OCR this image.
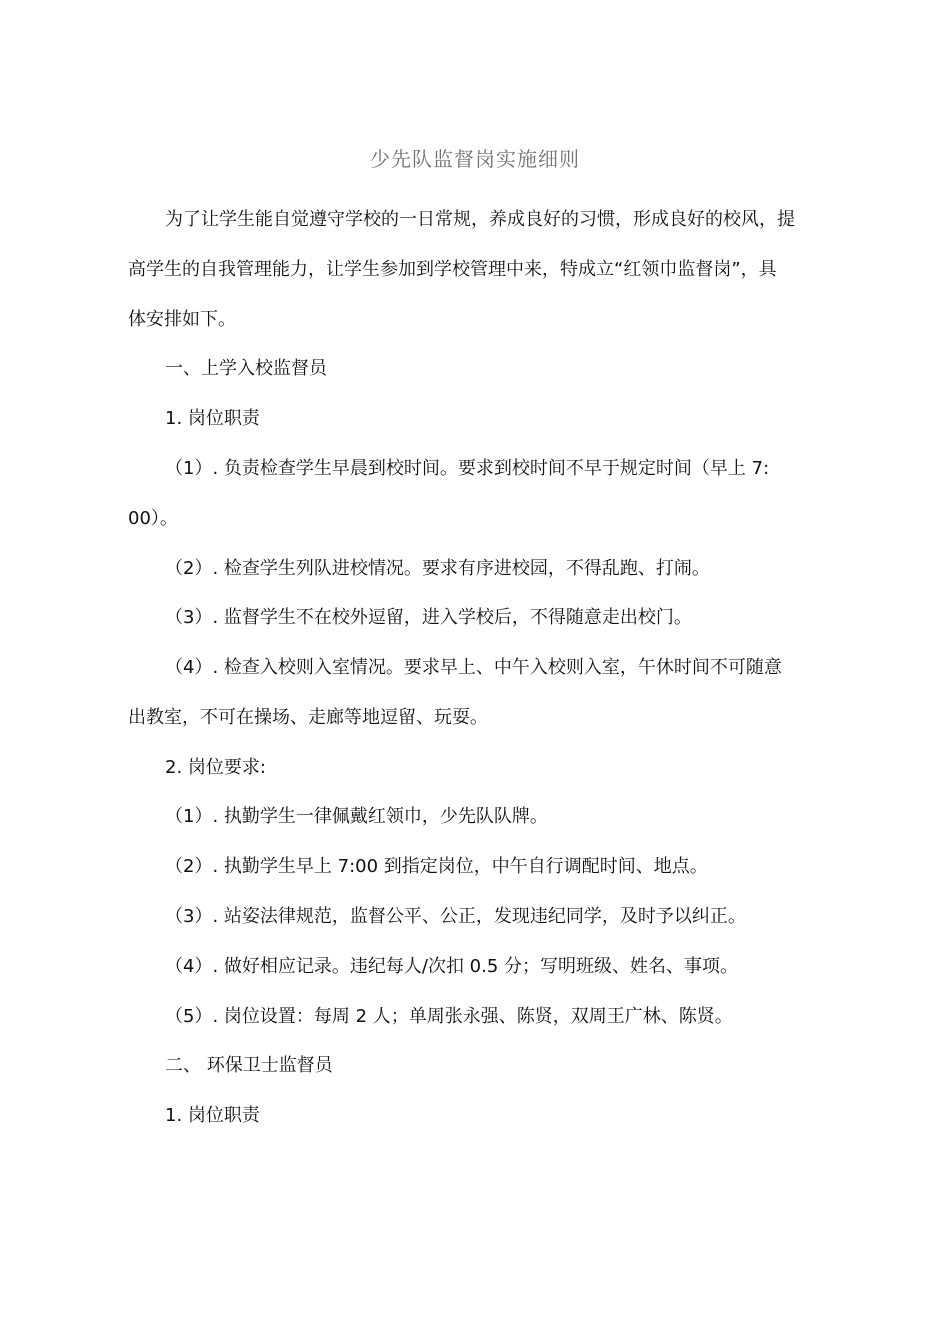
少先队监督岗实施细则
为了让学生能自觉遵守学校的一日常规，养成良好的习惯，形成良好的校风，提
高学生的自我管理能力，让学生参加到学校管理中来，特成立“红领巾监督岗”，具
体安排如下。
一、上学入校监督员
1. 岗位职责
（1）. 负责检查学生早晨到校时间。要求到校时间不早于规定时间（早上 7:
00）。
（2）. 检查学生列队进校情况。要求有序进校园，不得乱跑、打闹。
（3）. 监督学生不在校外逗留，进入学校后，不得随意走出校门。
（4）. 检查入校则入室情况。要求早上、中午入校则入室，午休时间不可随意
出教室，不可在操场、走廊等地逗留、玩耍。
2. 岗位要求:
（1）. 执勤学生一律佩戴红领巾，少先队队牌。
（2）. 执勤学生早上 7:00 到指定岗位，中午自行调配时间、地点。
（3）. 站姿法律规范，监督公平、公正，发现违纪同学，及时予以纠正。
（4）. 做好相应记录。违纪每人/次扣 0.5 分；写明班级、姓名、事项。
（5）. 岗位设置：每周 2 人；单周张永强、陈贤，双周王广林、陈贤。
二、 环保卫士监督员
1. 岗位职责
